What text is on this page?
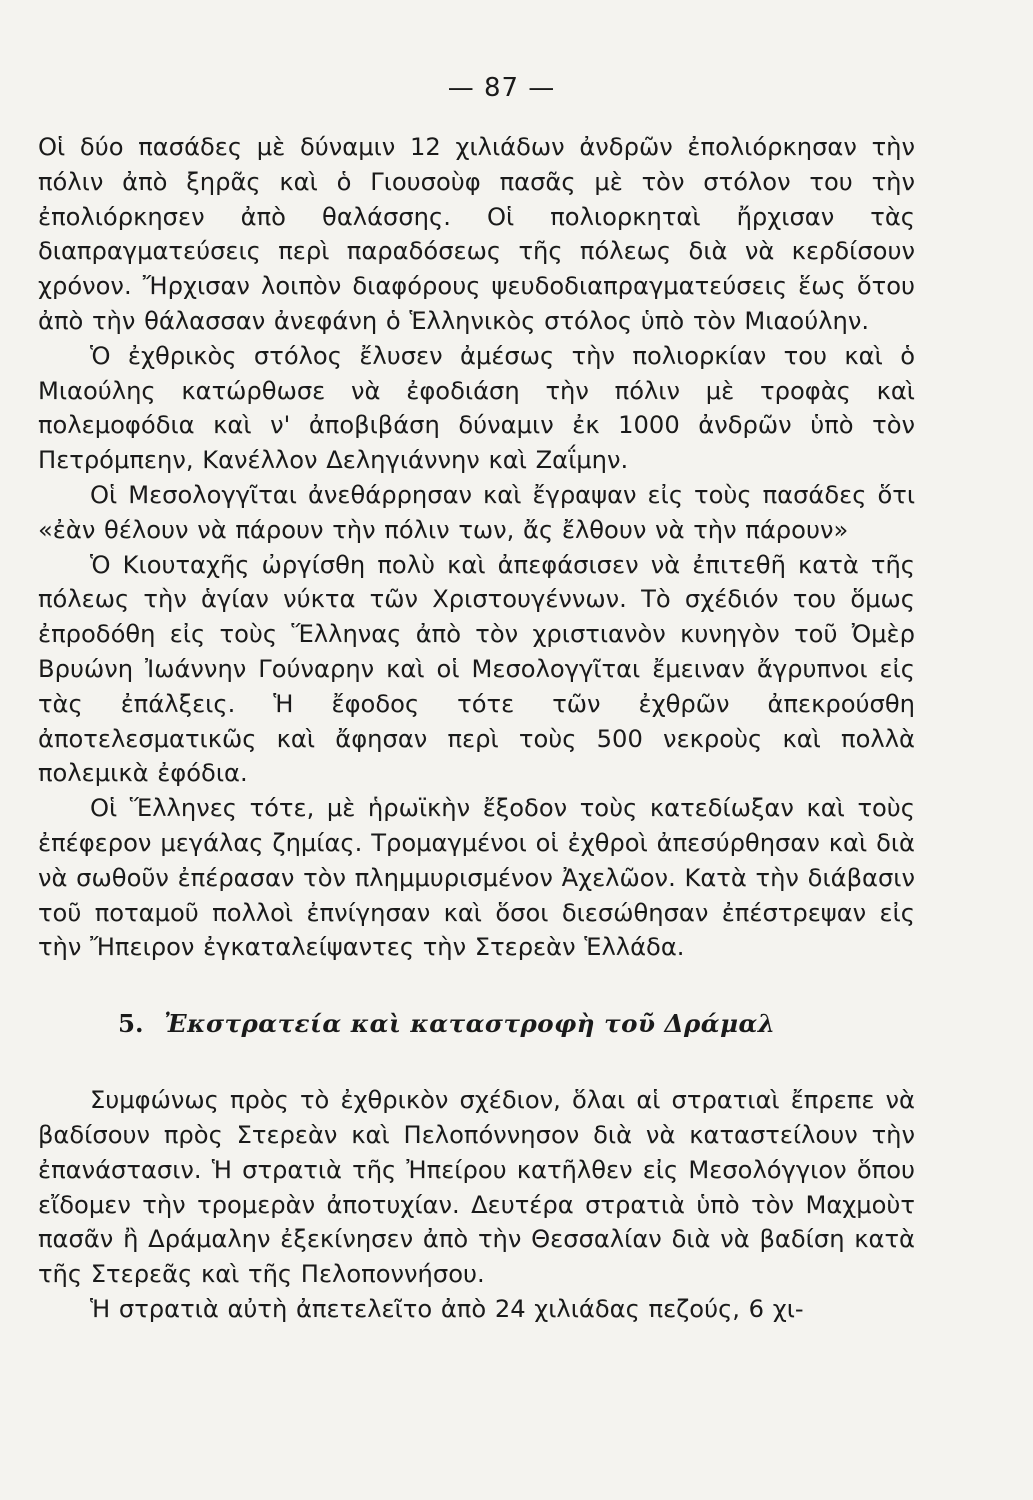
— 87 —

Οἱ δύο πασάδες μὲ δύναμιν 12 χιλιάδων ἀνδρῶν ἐπολιόρκησαν τὴν πόλιν ἀπὸ ξηρᾶς καὶ ὁ Γιουσοὺφ πασᾶς μὲ τὸν στόλον του τὴν ἐπολιόρκησεν ἀπὸ θαλάσσης. Οἱ πολιορκηταὶ ἤρχισαν τὰς διαπραγματεύσεις περὶ παραδόσεως τῆς πόλεως διὰ νὰ κερδίσουν χρόνον. Ἤρχισαν λοιπὸν διαφόρους ψευδοδιαπραγματεύσεις ἕως ὅτου ἀπὸ τὴν θάλασσαν ἀνεφάνη ὁ Ἑλληνικὸς στόλος ὑπὸ τὸν Μιαούλην.

Ὁ ἐχθρικὸς στόλος ἔλυσεν ἀμέσως τὴν πολιορκίαν του καὶ ὁ Μιαούλης κατώρθωσε νὰ ἐφοδιάση τὴν πόλιν μὲ τροφὰς καὶ πολεμοφόδια καὶ ν' ἀποβιβάση δύναμιν ἐκ 1000 ἀνδρῶν ὑπὸ τὸν Πετρόμπεην, Κανέλλον Δεληγιάννην καὶ Ζαΐμην.

Οἱ Μεσολογγῖται ἀνεθάρρησαν καὶ ἔγραψαν εἰς τοὺς πασάδες ὅτι «ἐὰν θέλουν νὰ πάρουν τὴν πόλιν των, ἄς ἔλθουν νὰ τὴν πάρουν»

Ὁ Κιουταχῆς ὠργίσθη πολὺ καὶ ἀπεφάσισεν νὰ ἐπιτεθῆ κατὰ τῆς πόλεως τὴν ἁγίαν νύκτα τῶν Χριστουγέννων. Τὸ σχέδιόν του ὅμως ἐπροδόθη εἰς τοὺς Ἕλληνας ἀπὸ τὸν χριστιανὸν κυνηγὸν τοῦ Ὀμὲρ Βρυώνη Ἰωάννην Γούναρην καὶ οἱ Μεσολογγῖται ἔμειναν ἄγρυπνοι εἰς τὰς ἐπάλξεις. Ἡ ἔφοδος τότε τῶν ἐχθρῶν ἀπεκρούσθη ἀποτελεσματικῶς καὶ ἄφησαν περὶ τοὺς 500 νεκροὺς καὶ πολλὰ πολεμικὰ ἐφόδια.

Οἱ Ἕλληνες τότε, μὲ ἡρωϊκὴν ἔξοδον τοὺς κατεδίωξαν καὶ τοὺς ἐπέφερον μεγάλας ζημίας. Τρομαγμένοι οἱ ἐχθροὶ ἀπεσύρθησαν καὶ διὰ νὰ σωθοῦν ἐπέρασαν τὸν πλημμυρισμένον Ἀχελῶον. Κατὰ τὴν διάβασιν τοῦ ποταμοῦ πολλοὶ ἐπνίγησαν καὶ ὅσοι διεσώθησαν ἐπέστρεψαν εἰς τὴν Ἤπειρον ἐγκαταλείψαντες τὴν Στερεὰν Ἑλλάδα.

5. Ἐκστρατεία καὶ καταστροφὴ τοῦ Δράμαλ

Συμφώνως πρὸς τὸ ἐχθρικὸν σχέδιον, ὅλαι αἱ στρατιαὶ ἔπρεπε νὰ βαδίσουν πρὸς Στερεὰν καὶ Πελοπόννησον διὰ νὰ καταστείλουν τὴν ἐπανάστασιν. Ἡ στρατιὰ τῆς Ἠπείρου κατῆλθεν εἰς Μεσολόγγιον ὅπου εἴδομεν τὴν τρομερὰν ἀποτυχίαν. Δευτέρα στρατιὰ ὑπὸ τὸν Μαχμοὺτ πασᾶν ἢ Δράμαλην ἐξεκίνησεν ἀπὸ τὴν Θεσσαλίαν διὰ νὰ βαδίση κατὰ τῆς Στερεᾶς καὶ τῆς Πελοποννήσου.

Ἡ στρατιὰ αὐτὴ ἀπετελεῖτο ἀπὸ 24 χιλιάδας πεζούς, 6 χι-
